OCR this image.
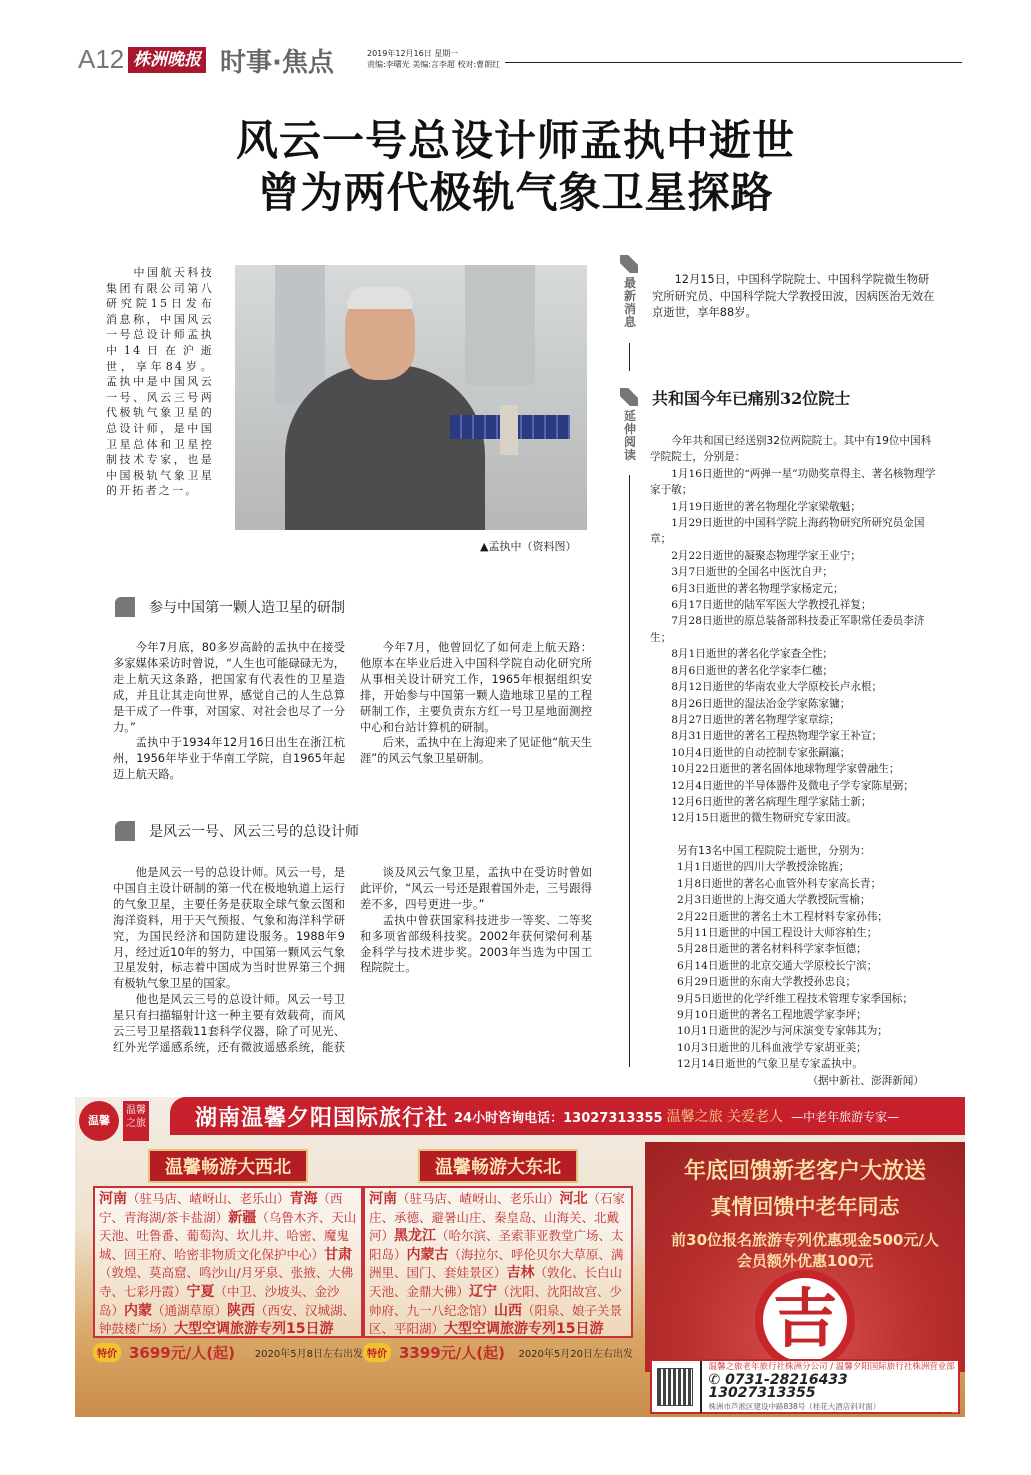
A12 株洲晚报 时事·焦点	2019年12月16日 星期一
责编:李曙光 美编:言李超 校对:曹朗红
风云一号总设计师孟执中逝世
曾为两代极轨气象卫星探路
中国航天科技集团有限公司第八研究院15日发布消息称，中国风云一号总设计师孟执中14日在沪逝世，享年84岁。孟执中是中国风云一号、风云三号两代极轨气象卫星的总设计师，是中国卫星总体和卫星控制技术专家，也是中国极轨气象卫星的开拓者之一。
▲孟执中（资料图）
参与中国第一颗人造卫星的研制

今年7月底，80多岁高龄的孟执中在接受多家媒体采访时曾说，“人生也可能碌碌无为，走上航天这条路，把国家有代表性的卫星造成，并且让其走向世界，感觉自己的人生总算是干成了一件事，对国家、对社会也尽了一分力。”

孟执中于1934年12月16日出生在浙江杭州，1956年毕业于华南工学院，自1965年起迈上航天路。

今年7月，他曾回忆了如何走上航天路：他原本在毕业后进入中国科学院自动化研究所从事相关设计研究工作，1965年根据组织安排，开始参与中国第一颗人造地球卫星的工程研制工作，主要负责东方红一号卫星地面测控中心和台站计算机的研制。

后来，孟执中在上海迎来了见证他“航天生涯”的风云气象卫星研制。

是风云一号、风云三号的总设计师

他是风云一号的总设计师。风云一号，是中国自主设计研制的第一代在极地轨道上运行的气象卫星，主要任务是获取全球气象云图和海洋资料，用于天气预报、气象和海洋科学研究，为国民经济和国防建设服务。1988年9月，经过近10年的努力，中国第一颗风云气象卫星发射，标志着中国成为当时世界第三个拥有极轨气象卫星的国家。

他也是风云三号的总设计师。风云一号卫星只有扫描辐射计这一种主要有效载荷，而风云三号卫星搭载11套科学仪器，除了可见光、红外光学遥感系统，还有微波遥感系统，能获

谈及风云气象卫星，孟执中在受访时曾如此评价，“风云一号还是跟着国外走，三号跟得差不多，四号更进一步。”

孟执中曾获国家科技进步一等奖、二等奖和多项省部级科技奖。2002年获何梁何利基金科学与技术进步奖。2003年当选为中国工程院院士。

最新消息
12月15日，中国科学院院士、中国科学院微生物研究所研究员、中国科学院大学教授田波，因病医治无效在京逝世，享年88岁。
延伸阅读
共和国今年已痛别32位院士

今年共和国已经送别32位两院院士。其中有19位中国科学院院士，分别是：

1月16日逝世的“两弹一星”功勋奖章得主、著名核物理学家于敏；

1月19日逝世的著名物理化学家梁敬魁；

1月29日逝世的中国科学院上海药物研究所研究员金国章；

2月22日逝世的凝聚态物理学家王业宁；

3月7日逝世的全国名中医沈自尹；

6月3日逝世的著名物理学家杨定元；

6月17日逝世的陆军军医大学教授孔祥复；

7月28日逝世的原总装备部科技委正军职常任委员李济生；

8月1日逝世的著名化学家查全性；

8月6日逝世的著名化学家李仁穗；

8月12日逝世的华南农业大学原校长卢永根；

8月26日逝世的湿法冶金学家陈家镛；

8月27日逝世的著名物理学家章综；

8月31日逝世的著名工程热物理学家王补宣；

10月4日逝世的自动控制专家张嗣瀛；

10月22日逝世的著名固体地球物理学家曾融生；

12月4日逝世的半导体器件及微电子学专家陈星弼；

12月6日逝世的著名病理生理学家陆士新；

12月15日逝世的微生物研究专家田波。

另有13名中国工程院院士逝世，分别为：
1月1日逝世的四川大学教授涂铭旌；
1月8日逝世的著名心血管外科专家高长青；
2月3日逝世的上海交通大学教授阮雪榆；
2月22日逝世的著名土木工程材料专家孙伟；
5月11日逝世的中国工程设计大师容柏生；
5月28日逝世的著名材料科学家李恒德；
6月14日逝世的北京交通大学原校长宁滨；
6月29日逝世的东南大学教授孙忠良；
9月5日逝世的化学纤维工程技术管理专家季国标；
9月10日逝世的著名工程地震学家李坪；
10月1日逝世的泥沙与河床演变专家韩其为；
10月3日逝世的儿科血液学专家胡亚美；
12月14日逝世的气象卫星专家孟执中。
（据中新社、澎湃新闻）
温馨
温馨之旅 湖南温馨夕阳国际旅行社 24小时咨询电话：13027313355 温馨之旅 关爱老人 —中老年旅游专家—
温馨畅游大西北
河南（驻马店、嵖岈山、老乐山）青海（西宁、青海湖/茶卡盐湖）新疆（乌鲁木齐、天山天池、吐鲁番、葡萄沟、坎儿井、哈密、魔鬼城、回王府、哈密非物质文化保护中心）甘肃（敦煌、莫高窟、鸣沙山/月牙泉、张掖、大佛寺、七彩丹霞）宁夏（中卫、沙坡头、金沙岛）内蒙（通湖草原）陕西（西安、汉城湖、钟鼓楼广场）大型空调旅游专列15日游
特价 3699元/人(起) 2020年5月8日左右出发
温馨畅游大东北
河南（驻马店、嵖岈山、老乐山）河北（石家庄、承德、避暑山庄、秦皇岛、山海关、北戴河）黑龙江（哈尔滨、圣索菲亚教堂广场、太阳岛）内蒙古（海拉尔、呼伦贝尔大草原、满洲里、国门、套娃景区）吉林（敦化、长白山天池、金鼎大佛）辽宁（沈阳、沈阳故宫、少帅府、九一八纪念馆）山西（阳泉、娘子关景区、平阳湖）大型空调旅游专列15日游
特价 3399元/人(起) 2020年5月20日左右出发
年底回馈新老客户大放送
真情回馈中老年同志
前30位报名旅游专列优惠现金500元/人
会员额外优惠100元
吉
温馨之旅老年旅行社株洲分公司 / 温馨夕阳国际旅行社株洲营业部
✆ 0731-28216433　13027313355
株洲市芦淞区建设中路838号（桂花大酒店斜对面）	广告
